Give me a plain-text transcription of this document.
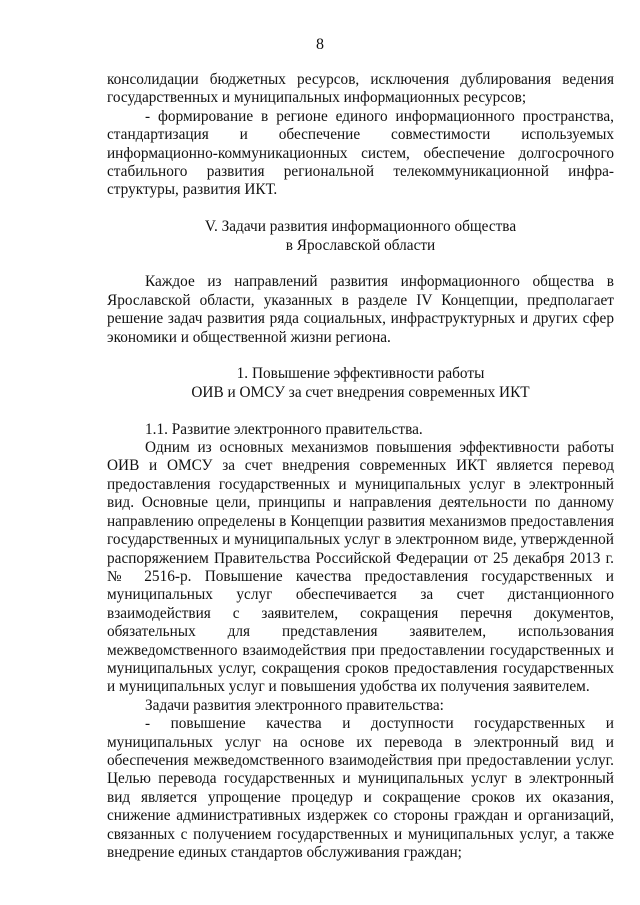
8

консолидации бюджетных ресурсов, исключения дублирования ведения государственных и муниципальных информационных ресурсов;

- формирование в регионе единого информационного пространства, стандартизация и обеспечение совместимости используемых информационно-коммуникационных систем, обеспечение долгосрочного стабильного развития региональной телекоммуникационной инфра-структуры, развития ИКТ.

V. Задачи развития информационного общества

в Ярославской области

Каждое из направлений развития информационного общества в Ярославской области, указанных в разделе IV Концепции, предполагает решение задач развития ряда социальных, инфраструктурных и других сфер экономики и общественной жизни региона.

1. Повышение эффективности работы

ОИВ и ОМСУ за счет внедрения современных ИКТ

1.1. Развитие электронного правительства.

Одним из основных механизмов повышения эффективности работы ОИВ и ОМСУ за счет внедрения современных ИКТ является перевод предоставления государственных и муниципальных услуг в электронный вид. Основные цели, принципы и направления деятельности по данному направлению определены в Концепции развития механизмов предоставления государственных и муниципальных услуг в электронном виде, утвержденной распоряжением Правительства Российской Федерации от 25 декабря 2013 г. № 2516-р. Повышение качества предоставления государственных и муниципальных услуг обеспечивается за счет дистанционного взаимодействия с заявителем, сокращения перечня документов, обязательных для представления заявителем, использования межведомственного взаимодействия при предоставлении государственных и муниципальных услуг, сокращения сроков предоставления государственных и муниципальных услуг и повышения удобства их получения заявителем.

Задачи развития электронного правительства:

- повышение качества и доступности государственных и муниципальных услуг на основе их перевода в электронный вид и обеспечения межведомственного взаимодействия при предоставлении услуг. Целью перевода государственных и муниципальных услуг в электронный вид является упрощение процедур и сокращение сроков их оказания, снижение административных издержек со стороны граждан и организаций, связанных с получением государственных и муниципальных услуг, а также внедрение единых стандартов обслуживания граждан;
